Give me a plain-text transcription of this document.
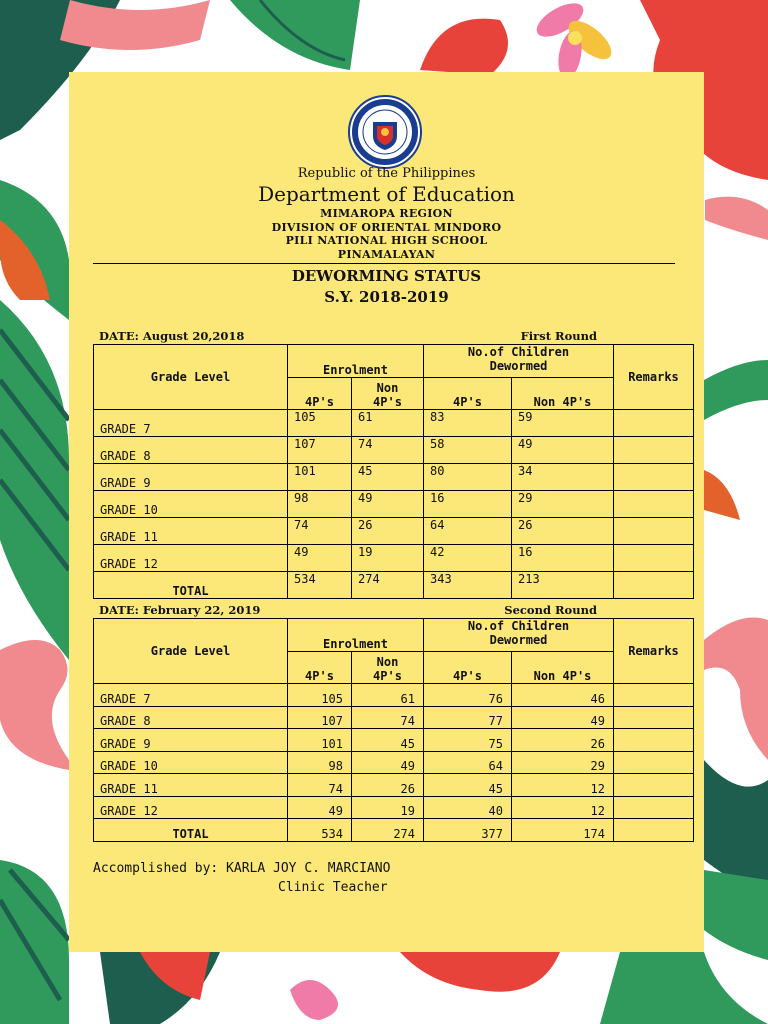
Republic of the Philippines
Department of Education
MIMAROPA REGION
DIVISION OF ORIENTAL MINDORO
PILI NATIONAL HIGH SCHOOL
PINAMALAYAN
DEWORMING STATUS
S.Y. 2018-2019
DATE: August 20,2018	First Round
Grade Level	Enrolment		No.of Children
Dewormed		Remarks
	4P's	Non
4P's	4P's	Non 4P's	
GRADE 7	105	61	83	59	
GRADE 8	107	74	58	49	
GRADE 9	101	45	80	34	
GRADE 10	98	49	16	29	
GRADE 11	74	26	64	26	
GRADE 12	49	19	42	16	
TOTAL	534	274	343	213	
DATE: February 22, 2019	Second Round
Grade Level	Enrolment		No.of Children
Dewormed		Remarks
	4P's	Non
4P's	4P's	Non 4P's	
GRADE 7	105	61	76	46	
GRADE 8	107	74	77	49	
GRADE 9	101	45	75	26	
GRADE 10	98	49	64	29	
GRADE 11	74	26	45	12	
GRADE 12	49	19	40	12	
TOTAL	534	274	377	174	
Accomplished by: KARLA JOY C. MARCIANO
Clinic Teacher
